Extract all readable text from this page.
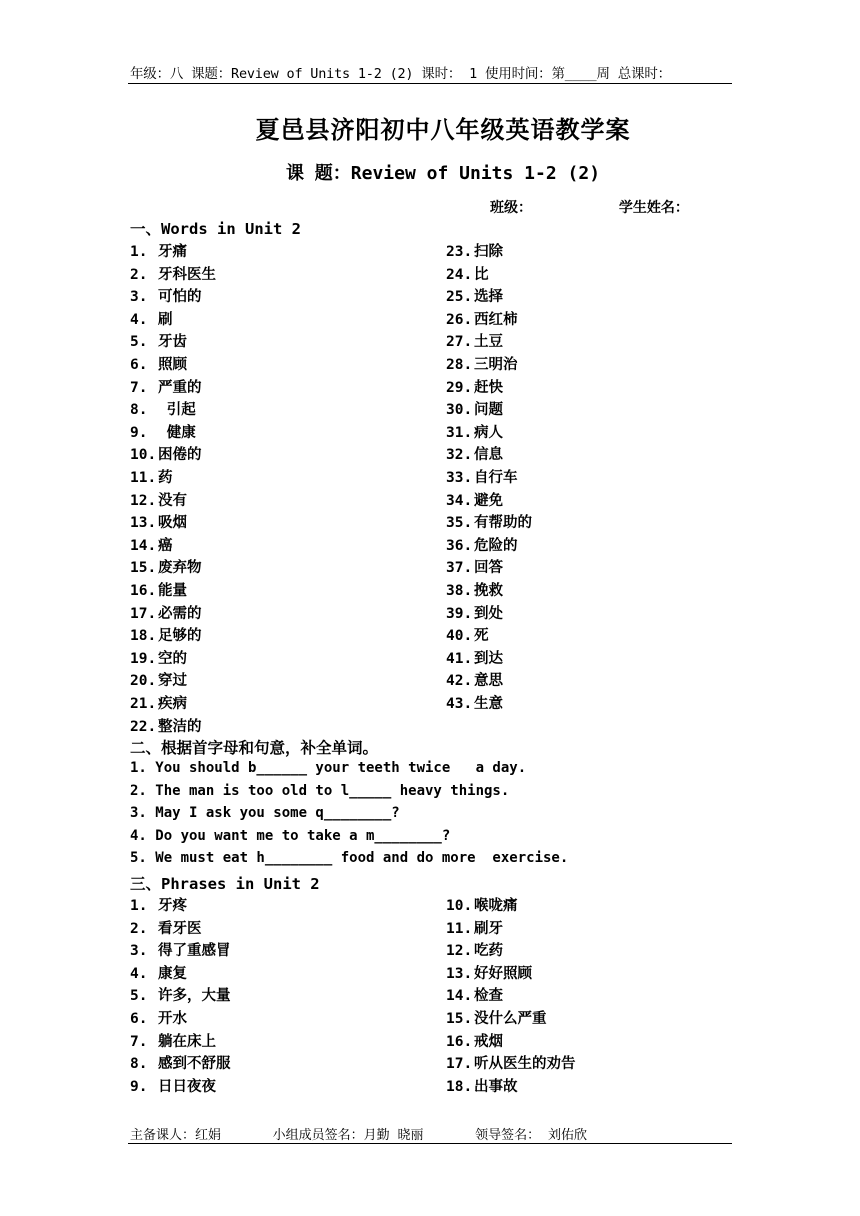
年级：八 课题：Review of Units 1-2 (2) 课时： 1 使用时间：第____周 总课时：
夏邑县济阳初中八年级英语教学案
课 题：Review of Units 1-2 (2)
班级：	学生姓名：
一、Words in Unit 2
1. 牙痛
2. 牙科医生
3. 可怕的
4. 刷
5. 牙齿
6. 照顾
7. 严重的
8. 引起
9. 健康
10. 困倦的
11. 药
12. 没有
13. 吸烟
14. 癌
15. 废弃物
16. 能量
17. 必需的
18. 足够的
19. 空的
20. 穿过
21. 疾病
22. 整洁的
23. 扫除
24. 比
25. 选择
26. 西红柿
27. 土豆
28. 三明治
29. 赶快
30. 问题
31. 病人
32. 信息
33. 自行车
34. 避免
35. 有帮助的
36. 危险的
37. 回答
38. 挽救
39. 到处
40. 死
41. 到达
42. 意思
43. 生意
二、根据首字母和句意，补全单词。
1. You should b______ your teeth twice   a day.
2. The man is too old to l_____ heavy things.
3. May I ask you some q________?
4. Do you want me to take a m________?
5. We must eat h________ food and do more  exercise.
三、Phrases in Unit 2
1. 牙疼
2. 看牙医
3. 得了重感冒
4. 康复
5. 许多，大量
6. 开水
7. 躺在床上
8. 感到不舒服
9. 日日夜夜
10. 喉咙痛
11. 刷牙
12. 吃药
13. 好好照顾
14. 检查
15. 没什么严重
16. 戒烟
17. 听从医生的劝告
18. 出事故
主备课人：红娟	小组成员签名：月勤 晓丽	领导签名： 刘佑欣
